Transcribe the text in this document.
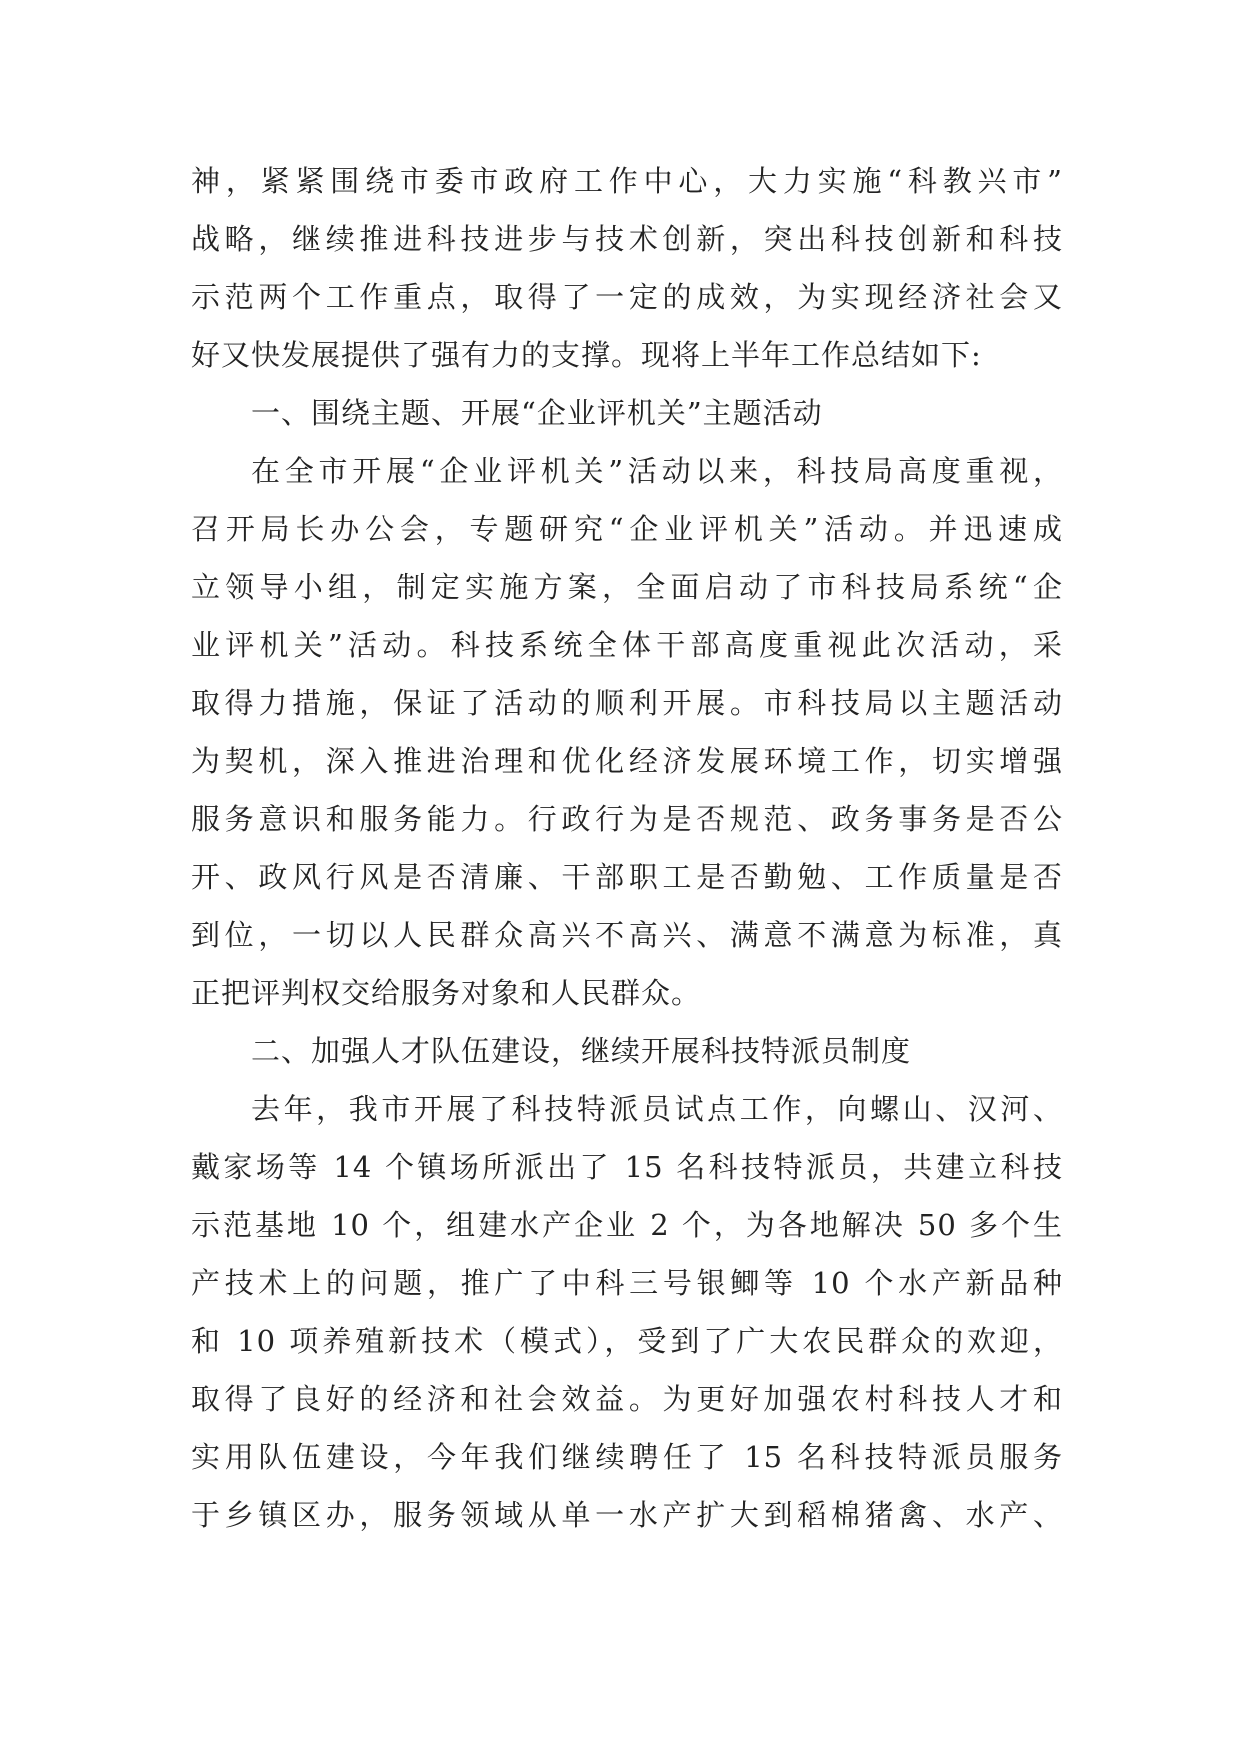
神，紧紧围绕市委市政府工作中心，大力实施“科教兴市”
战略，继续推进科技进步与技术创新，突出科技创新和科技
示范两个工作重点，取得了一定的成效，为实现经济社会又
好又快发展提供了强有力的支撑。现将上半年工作总结如下:
一、围绕主题、开展“企业评机关”主题活动
在全市开展“企业评机关”活动以来，科技局高度重视，
召开局长办公会，专题研究“企业评机关”活动。并迅速成
立领导小组，制定实施方案，全面启动了市科技局系统“企
业评机关”活动。科技系统全体干部高度重视此次活动，采
取得力措施，保证了活动的顺利开展。市科技局以主题活动
为契机，深入推进治理和优化经济发展环境工作，切实增强
服务意识和服务能力。行政行为是否规范、政务事务是否公
开、政风行风是否清廉、干部职工是否勤勉、工作质量是否
到位，一切以人民群众高兴不高兴、满意不满意为标准，真
正把评判权交给服务对象和人民群众。
二、加强人才队伍建设，继续开展科技特派员制度
去年，我市开展了科技特派员试点工作，向螺山、汉河、
戴家场等 14 个镇场所派出了 15 名科技特派员，共建立科技
示范基地 10 个，组建水产企业 2 个，为各地解决 50 多个生
产技术上的问题，推广了中科三号银鲫等 10 个水产新品种
和 10 项养殖新技术（模式），受到了广大农民群众的欢迎，
取得了良好的经济和社会效益。为更好加强农村科技人才和
实用队伍建设，今年我们继续聘任了 15 名科技特派员服务
于乡镇区办，服务领域从单一水产扩大到稻棉猪禽、水产、
